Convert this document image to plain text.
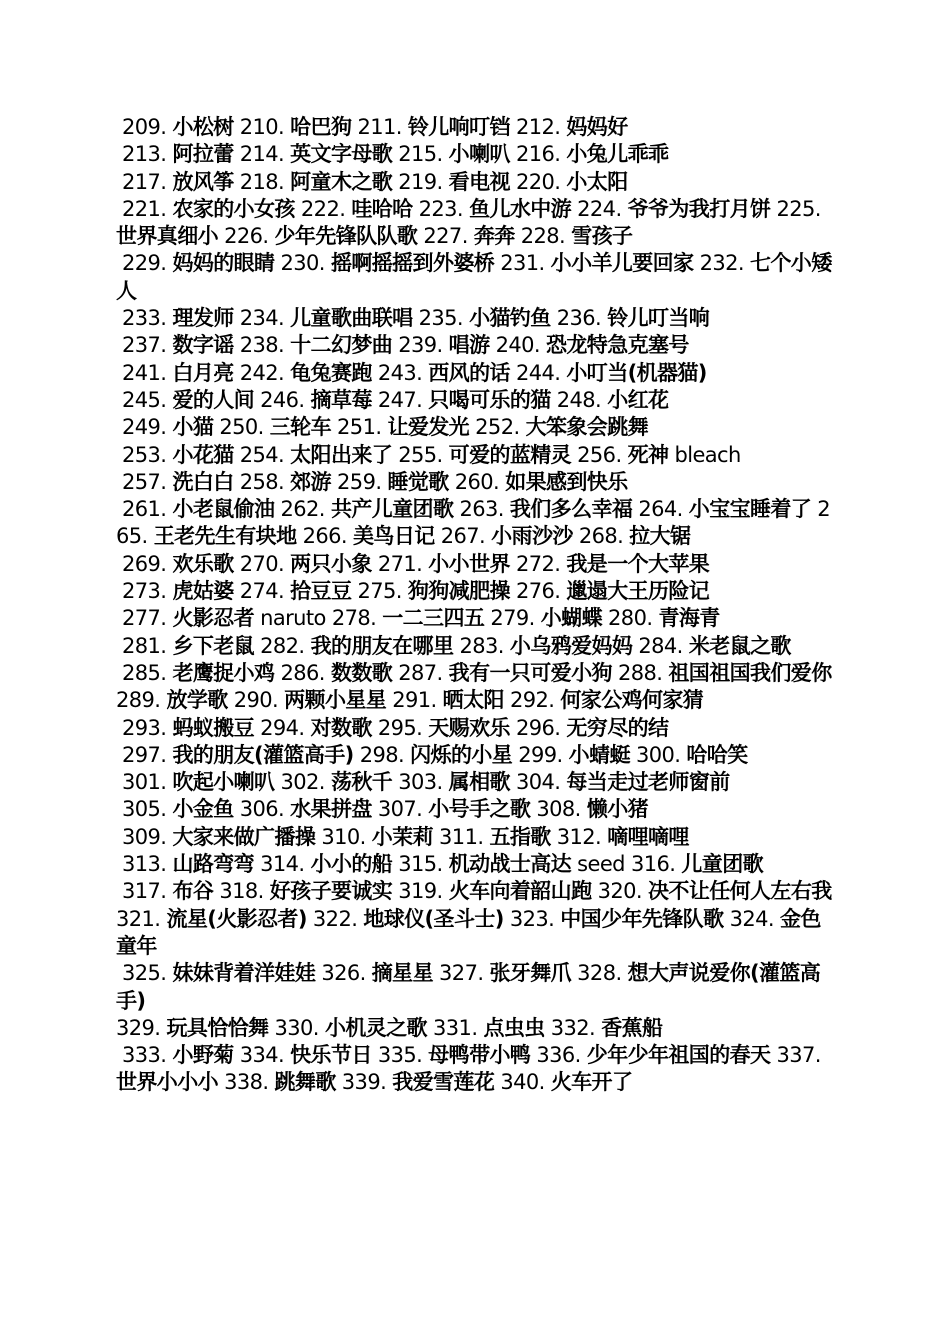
209. 小松树 210. 哈巴狗 211. 铃儿响叮铛 212. 妈妈好

213. 阿拉蕾 214. 英文字母歌 215. 小喇叭 216. 小兔儿乖乖

217. 放风筝 218. 阿童木之歌 219. 看电视 220. 小太阳

221. 农家的小女孩 222. 哇哈哈 223. 鱼儿水中游 224. 爷爷为我打月饼 225. 世界真细小 226. 少年先锋队队歌 227. 奔奔 228. 雪孩子

229. 妈妈的眼睛 230. 摇啊摇摇到外婆桥 231. 小小羊儿要回家 232. 七个小矮人

233. 理发师 234. 儿童歌曲联唱 235. 小猫钓鱼 236. 铃儿叮当响

237. 数字谣 238. 十二幻梦曲 239. 唱游 240. 恐龙特急克塞号

241. 白月亮 242. 龟兔赛跑 243. 西风的话 244. 小叮当(机器猫)

245. 爱的人间 246. 摘草莓 247. 只喝可乐的猫 248. 小红花

249. 小猫 250. 三轮车 251. 让爱发光 252. 大笨象会跳舞

253. 小花猫 254. 太阳出来了 255. 可爱的蓝精灵 256. 死神 bleach

257. 洗白白 258. 郊游 259. 睡觉歌 260. 如果感到快乐

261. 小老鼠偷油 262. 共产儿童团歌 263. 我们多么幸福 264. 小宝宝睡着了 265. 王老先生有块地 266. 美鸟日记 267. 小雨沙沙 268. 拉大锯

269. 欢乐歌 270. 两只小象 271. 小小世界 272. 我是一个大苹果

273. 虎姑婆 274. 拾豆豆 275. 狗狗减肥操 276. 邋遢大王历险记

277. 火影忍者 naruto 278. 一二三四五 279. 小蝴蝶 280. 青海青

281. 乡下老鼠 282. 我的朋友在哪里 283. 小乌鸦爱妈妈 284. 米老鼠之歌

285. 老鹰捉小鸡 286. 数数歌 287. 我有一只可爱小狗 288. 祖国祖国我们爱你 289. 放学歌 290. 两颗小星星 291. 晒太阳 292. 何家公鸡何家猜

293. 蚂蚁搬豆 294. 对数歌 295. 天赐欢乐 296. 无穷尽的结

297. 我的朋友(灌篮高手) 298. 闪烁的小星 299. 小蜻蜓 300. 哈哈笑

301. 吹起小喇叭 302. 荡秋千 303. 属相歌 304. 每当走过老师窗前

305. 小金鱼 306. 水果拼盘 307. 小号手之歌 308. 懒小猪

309. 大家来做广播操 310. 小茉莉 311. 五指歌 312. 嘀哩嘀哩

313. 山路弯弯 314. 小小的船 315. 机动战士高达 seed 316. 儿童团歌

317. 布谷 318. 好孩子要诚实 319. 火车向着韶山跑 320. 决不让任何人左右我 321. 流星(火影忍者) 322. 地球仪(圣斗士) 323. 中国少年先锋队歌 324. 金色童年

325. 妹妹背着洋娃娃 326. 摘星星 327. 张牙舞爪 328. 想大声说爱你(灌篮高手)

329. 玩具恰恰舞 330. 小机灵之歌 331. 点虫虫 332. 香蕉船

333. 小野菊 334. 快乐节日 335. 母鸭带小鸭 336. 少年少年祖国的春天 337. 世界小小小 338. 跳舞歌 339. 我爱雪莲花 340. 火车开了
